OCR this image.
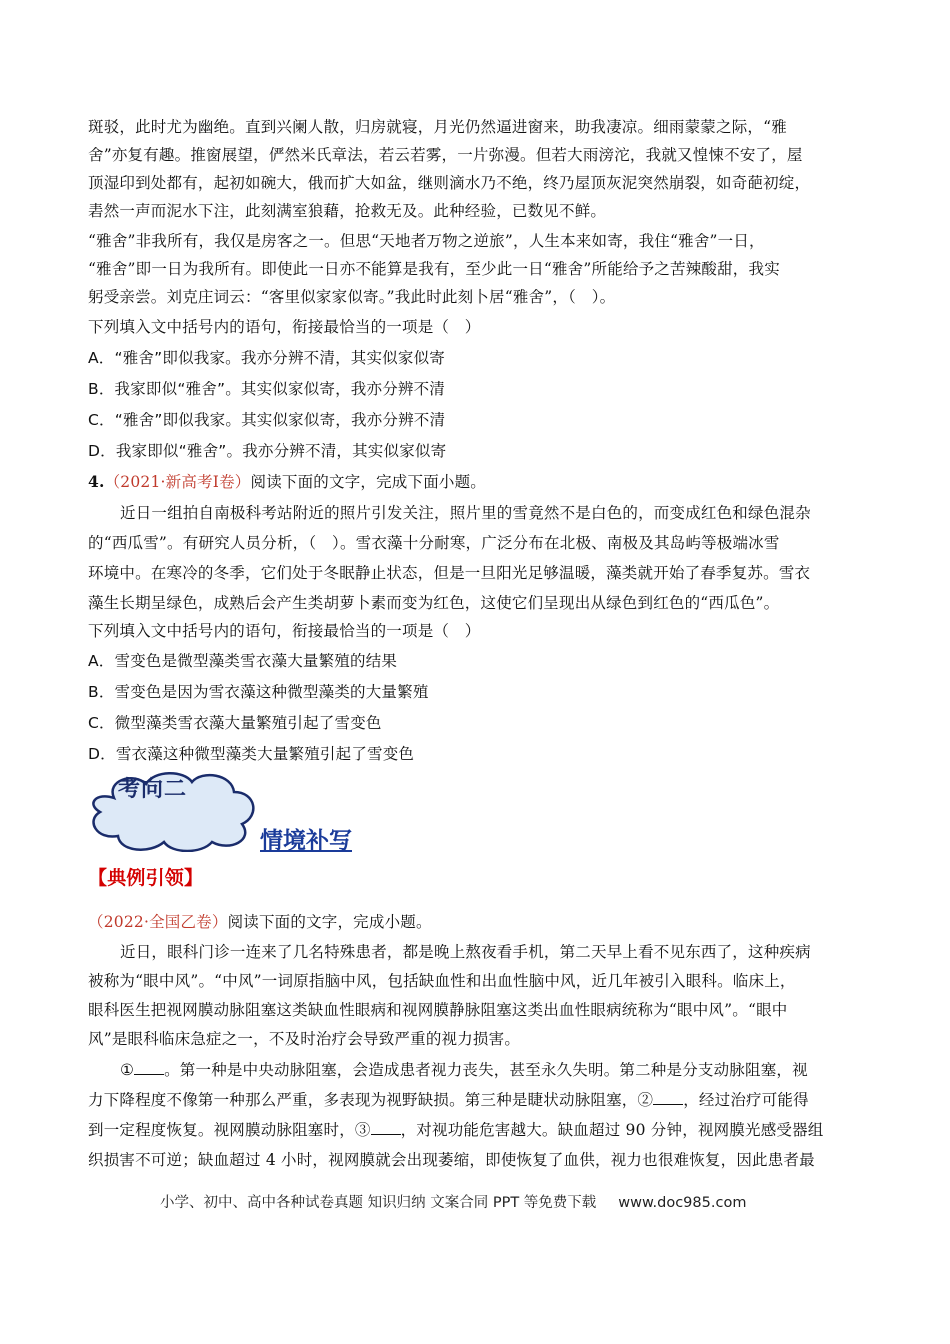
斑驳，此时尤为幽绝。直到兴阑人散，归房就寝，月光仍然逼进窗来，助我凄凉。细雨蒙蒙之际，“雅
舍”亦复有趣。推窗展望，俨然米氏章法，若云若雾，一片弥漫。但若大雨滂沱，我就又惶悚不安了，屋
顶湿印到处都有，起初如碗大，俄而扩大如盆，继则滴水乃不绝，终乃屋顶灰泥突然崩裂，如奇葩初绽，
砉然一声而泥水下注，此刻满室狼藉，抢救无及。此种经验，已数见不鲜。
“雅舍”非我所有，我仅是房客之一。但思“天地者万物之逆旅”，人生本来如寄，我住“雅舍”一日，
“雅舍”即一日为我所有。即使此一日亦不能算是我有，至少此一日“雅舍”所能给予之苦辣酸甜，我实
躬受亲尝。刘克庄词云：“客里似家家似寄。”我此时此刻卜居“雅舍”，（　）。
下列填入文中括号内的语句，衔接最恰当的一项是（　）
A．“雅舍”即似我家。我亦分辨不清，其实似家似寄
B．我家即似“雅舍”。其实似家似寄，我亦分辨不清
C．“雅舍”即似我家。其实似家似寄，我亦分辨不清
D．我家即似“雅舍”。我亦分辨不清，其实似家似寄
4.（2021·新高考Ⅰ卷）阅读下面的文字，完成下面小题。
近日一组拍自南极科考站附近的照片引发关注，照片里的雪竟然不是白色的，而变成红色和绿色混杂
的“西瓜雪”。有研究人员分析，（　）。雪衣藻十分耐寒，广泛分布在北极、南极及其岛屿等极端冰雪
环境中。在寒冷的冬季，它们处于冬眠静止状态，但是一旦阳光足够温暖，藻类就开始了春季复苏。雪衣
藻生长期呈绿色，成熟后会产生类胡萝卜素而变为红色，这使它们呈现出从绿色到红色的“西瓜色”。
下列填入文中括号内的语句，衔接最恰当的一项是（　）
A．雪变色是微型藻类雪衣藻大量繁殖的结果
B．雪变色是因为雪衣藻这种微型藻类的大量繁殖
C．微型藻类雪衣藻大量繁殖引起了雪变色
D．雪衣藻这种微型藻类大量繁殖引起了雪变色
考向二
情境补写
【典例引领】
（2022·全国乙卷）阅读下面的文字，完成小题。
近日，眼科门诊一连来了几名特殊患者，都是晚上熬夜看手机，第二天早上看不见东西了，这种疾病
被称为“眼中风”。“中风”一词原指脑中风，包括缺血性和出血性脑中风，近几年被引入眼科。临床上，
眼科医生把视网膜动脉阻塞这类缺血性眼病和视网膜静脉阻塞这类出血性眼病统称为“眼中风”。“眼中
风”是眼科临床急症之一，不及时治疗会导致严重的视力损害。
① 。第一种是中央动脉阻塞，会造成患者视力丧失，甚至永久失明。第二种是分支动脉阻塞，视
力下降程度不像第一种那么严重，多表现为视野缺损。第三种是睫状动脉阻塞，② ，经过治疗可能得
到一定程度恢复。视网膜动脉阻塞时，③ ，对视功能危害越大。缺血超过 90 分钟，视网膜光感受器组
织损害不可逆；缺血超过 4 小时，视网膜就会出现萎缩，即使恢复了血供，视力也很难恢复，因此患者最
小学、初中、高中各种试卷真题 知识归纳 文案合同 PPT 等免费下载 www.doc985.com
